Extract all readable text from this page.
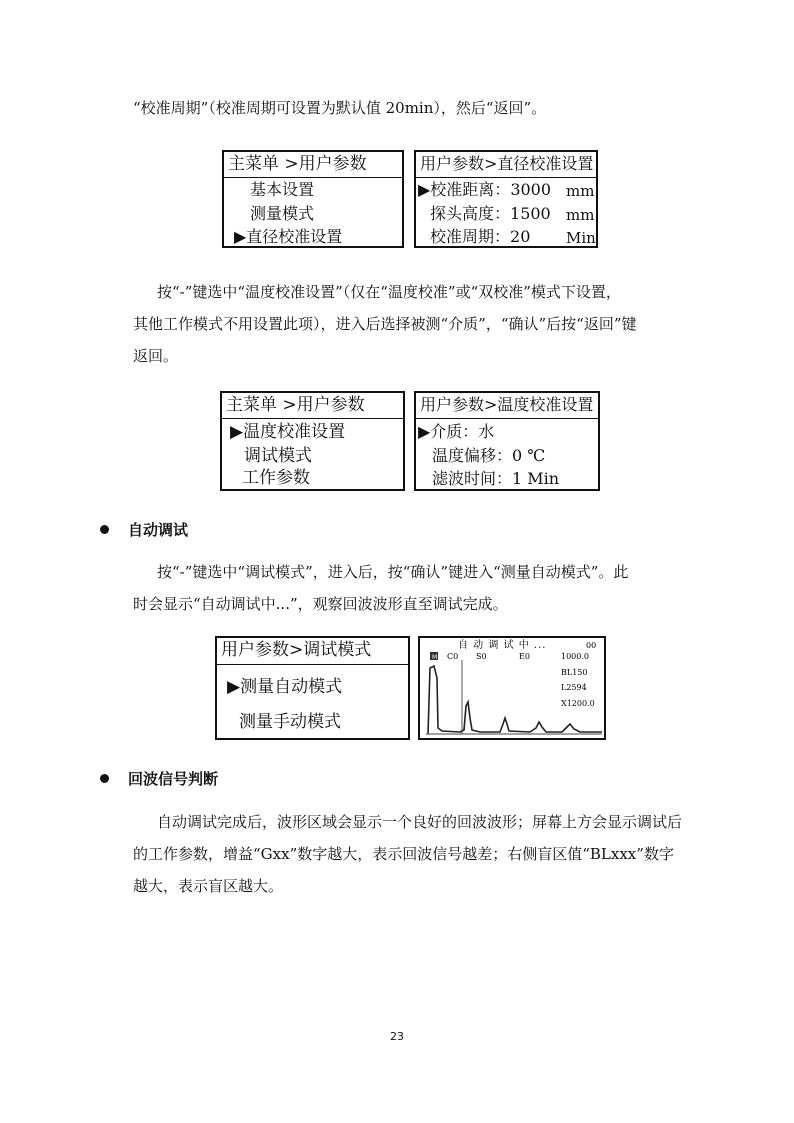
“校准周期”（校准周期可设置为默认值 20min），然后“返回”。

主菜单 >用户参数
基本设置
测量模式
▶直径校准设置
用户参数>直径校准设置
▶校准距离：3000 mm
探头高度：1500 mm
校准周期：20 Min

按“-”键选中“温度校准设置”（仅在“温度校准”或“双校准”模式下设置，

其他工作模式不用设置此项），进入后选择被测“介质”，“确认”后按“返回”键

返回。

主菜单 >用户参数
▶温度校准设置
调试模式
工作参数
用户参数>温度校准设置
▶介质：水
温度偏移：0 ℃
滤波时间：1 Min
自动调试

按“-”键选中“调试模式”，进入后，按“确认”键进入“测量自动模式”。此

时会显示“自动调试中...”，观察回波波形直至调试完成。

用户参数>调试模式
▶测量自动模式
测量手动模式
自 动 调 试 中 ...	00
M C0 S0	E0	1000.0
BL150
L2594
X1200.0
回波信号判断

自动调试完成后，波形区域会显示一个良好的回波波形；屏幕上方会显示调试后

的工作参数，增益“Gxx”数字越大，表示回波信号越差；右侧盲区值“BLxxx”数字

越大，表示盲区越大。

23
